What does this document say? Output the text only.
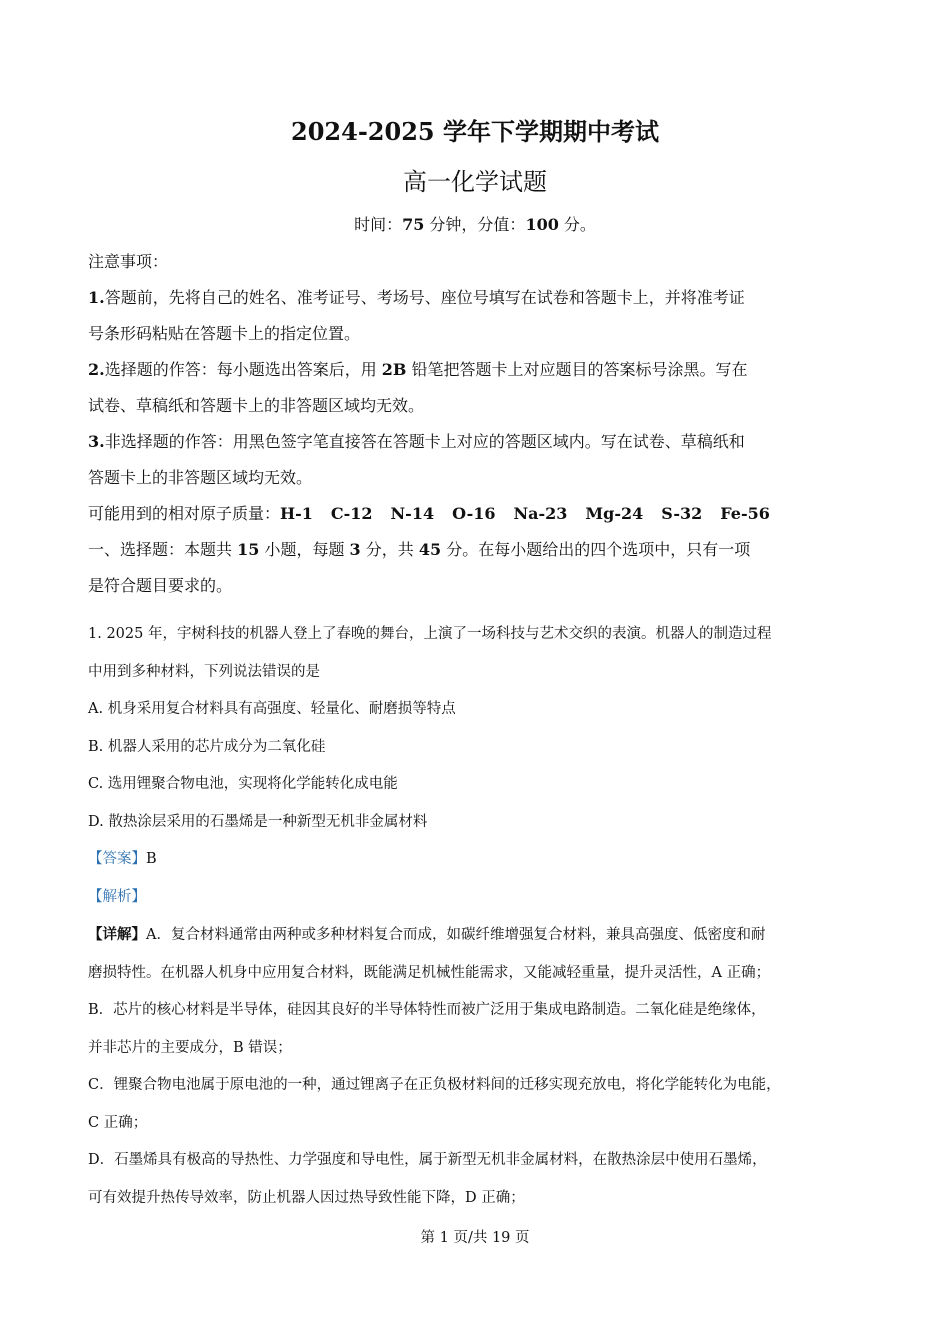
2024-2025 学年下学期期中考试
高一化学试题
时间：75 分钟，分值：100 分。

注意事项：

1.答题前，先将自己的姓名、准考证号、考场号、座位号填写在试卷和答题卡上，并将准考证
号条形码粘贴在答题卡上的指定位置。

2.选择题的作答：每小题选出答案后，用 2B 铅笔把答题卡上对应题目的答案标号涂黑。写在
试卷、草稿纸和答题卡上的非答题区域均无效。

3.非选择题的作答：用黑色签字笔直接答在答题卡上对应的答题区域内。写在试卷、草稿纸和
答题卡上的非答题区域均无效。

可能用到的相对原子质量：H-1 C-12 N-14 O-16 Na-23 Mg-24 S-32 Fe-56

一、选择题：本题共 15 小题，每题 3 分，共 45 分。在每小题给出的四个选项中，只有一项
是符合题目要求的。

1. 2025 年，宇树科技的机器人登上了春晚的舞台，上演了一场科技与艺术交织的表演。机器人的制造过程
中用到多种材料，下列说法错误的是

A. 机身采用复合材料具有高强度、轻量化、耐磨损等特点

B. 机器人采用的芯片成分为二氧化硅

C. 选用锂聚合物电池，实现将化学能转化成电能

D. 散热涂层采用的石墨烯是一种新型无机非金属材料

【答案】B

【解析】

【详解】A．复合材料通常由两种或多种材料复合而成，如碳纤维增强复合材料，兼具高强度、低密度和耐
磨损特性。在机器人机身中应用复合材料，既能满足机械性能需求，又能减轻重量，提升灵活性，A 正确；
B．芯片的核心材料是半导体，硅因其良好的半导体特性而被广泛用于集成电路制造。二氧化硅是绝缘体，
并非芯片的主要成分，B 错误；
C．锂聚合物电池属于原电池的一种，通过锂离子在正负极材料间的迁移实现充放电，将化学能转化为电能，
C 正确；
D．石墨烯具有极高的导热性、力学强度和导电性，属于新型无机非金属材料，在散热涂层中使用石墨烯，
可有效提升热传导效率，防止机器人因过热导致性能下降，D 正确；

第 1 页/共 19 页
